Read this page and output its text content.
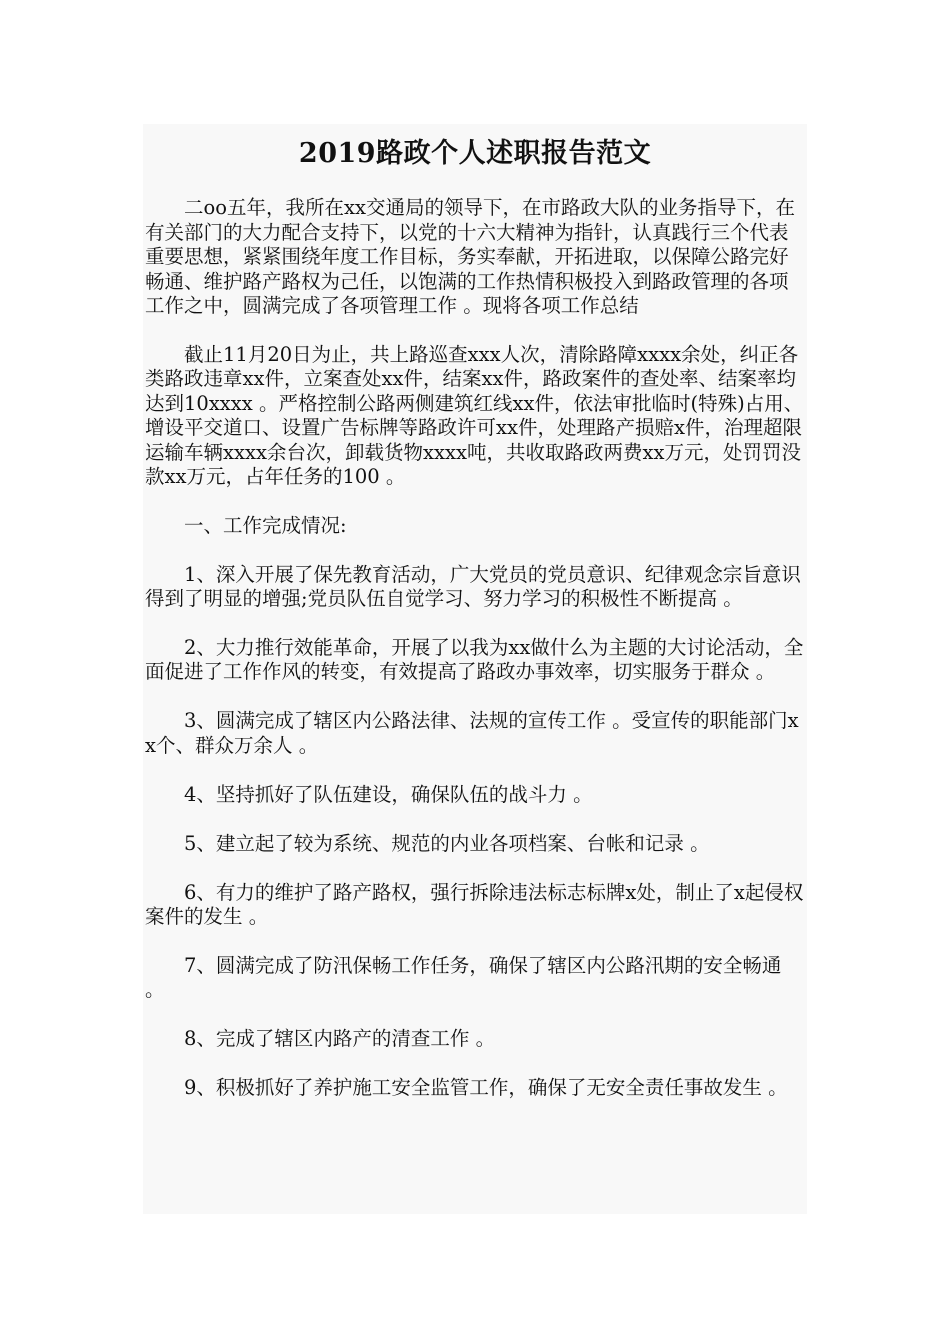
2019路政个人述职报告范文

二oo五年，我所在xx交通局的领导下，在市路政大队的业务指导下，在有关部门的大力配合支持下，以党的十六大精神为指针，认真践行三个代表重要思想，紧紧围绕年度工作目标，务实奉献，开拓进取，以保障公路完好畅通、维护路产路权为己任，以饱满的工作热情积极投入到路政管理的各项工作之中，圆满完成了各项管理工作 。现将各项工作总结

截止11月20日为止，共上路巡查xxx人次，清除路障xxxx余处，纠正各类路政违章xx件，立案查处xx件，结案xx件，路政案件的查处率、结案率均达到10xxxx 。严格控制公路两侧建筑红线xx件，依法审批临时(特殊)占用、增设平交道口、设置广告标牌等路政许可xx件，处理路产损赔x件，治理超限运输车辆xxxx余台次，卸载货物xxxx吨，共收取路政两费xx万元，处罚罚没款xx万元，占年任务的100 。

一、工作完成情况:

1、深入开展了保先教育活动，广大党员的党员意识、纪律观念宗旨意识得到了明显的增强;党员队伍自觉学习、努力学习的积极性不断提高 。

2、大力推行效能革命，开展了以我为xx做什么为主题的大讨论活动，全面促进了工作作风的转变，有效提高了路政办事效率，切实服务于群众 。

3、圆满完成了辖区内公路法律、法规的宣传工作 。受宣传的职能部门xx个、群众万余人 。

4、坚持抓好了队伍建设，确保队伍的战斗力 。

5、建立起了较为系统、规范的内业各项档案、台帐和记录 。

6、有力的维护了路产路权，强行拆除违法标志标牌x处，制止了x起侵权案件的发生 。

7、圆满完成了防汛保畅工作任务，确保了辖区内公路汛期的安全畅通 。

8、完成了辖区内路产的清查工作 。

9、积极抓好了养护施工安全监管工作，确保了无安全责任事故发生 。
